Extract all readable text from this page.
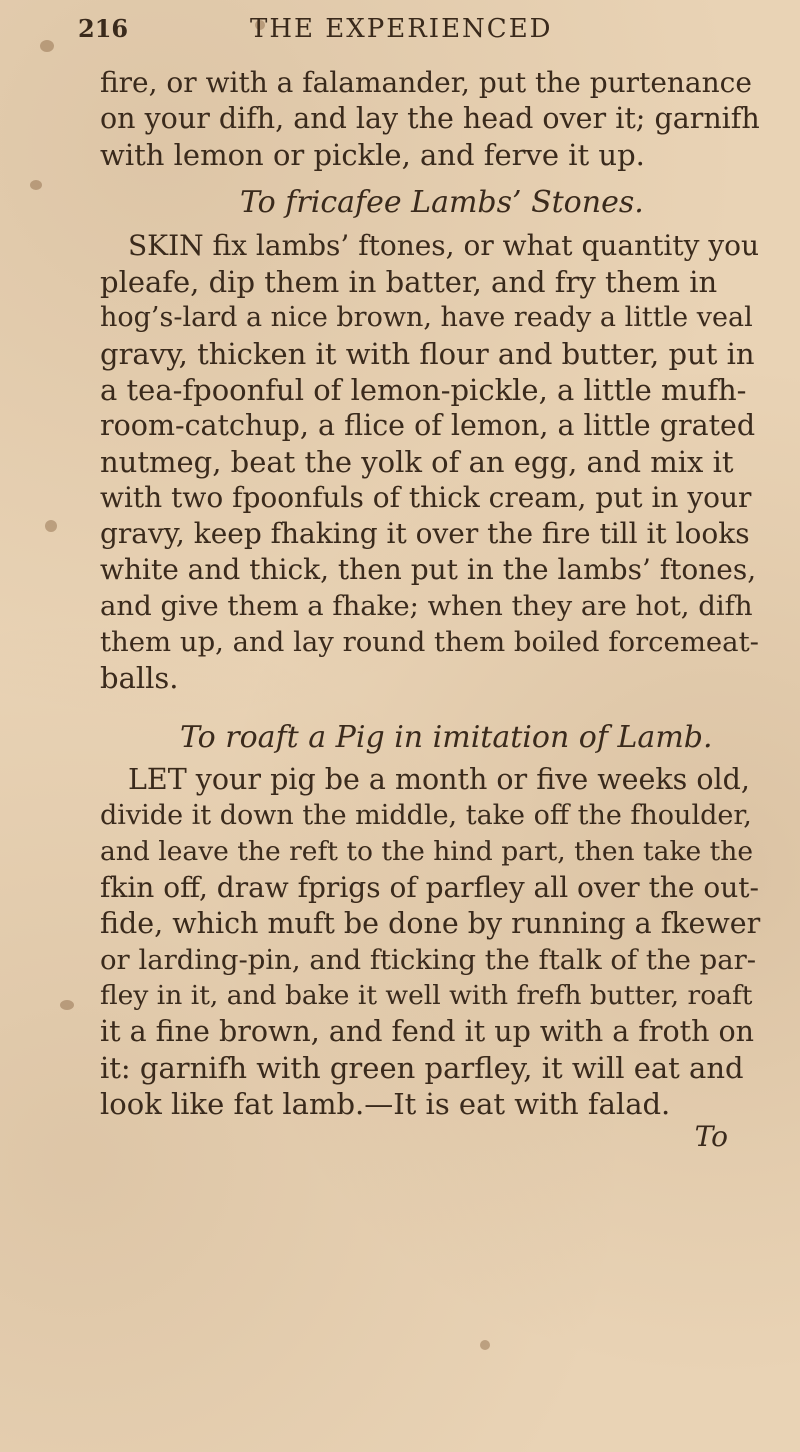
216	THE EXPERIENCED
fire, or with a falamander, put the purtenance
on your difh, and lay the head over it; garnifh
with lemon or pickle, and ferve it up.
To fricafee Lambs’ Stones.
SKIN fix lambs’ ftones, or what quantity you
pleafe, dip them in batter, and fry them in
hog’s-lard a nice brown, have ready a little veal
gravy, thicken it with flour and butter, put in
a tea-fpoonful of lemon-pickle, a little mufh-
room-catchup, a flice of lemon, a little grated
nutmeg, beat the yolk of an egg, and mix it
with two fpoonfuls of thick cream, put in your
gravy, keep fhaking it over the fire till it looks
white and thick, then put in the lambs’ ftones,
and give them a fhake; when they are hot, difh
them up, and lay round them boiled forcemeat-
balls.
To roaft a Pig in imitation of Lamb.
LET your pig be a month or five weeks old,
divide it down the middle, take off the fhoulder,
and leave the reft to the hind part, then take the
fkin off, draw fprigs of parfley all over the out-
fide, which muft be done by running a fkewer
or larding-pin, and fticking the ftalk of the par-
fley in it, and bake it well with frefh butter, roaft
it a fine brown, and fend it up with a froth on
it: garnifh with green parfley, it will eat and
look like fat lamb.—It is eat with falad.
To
